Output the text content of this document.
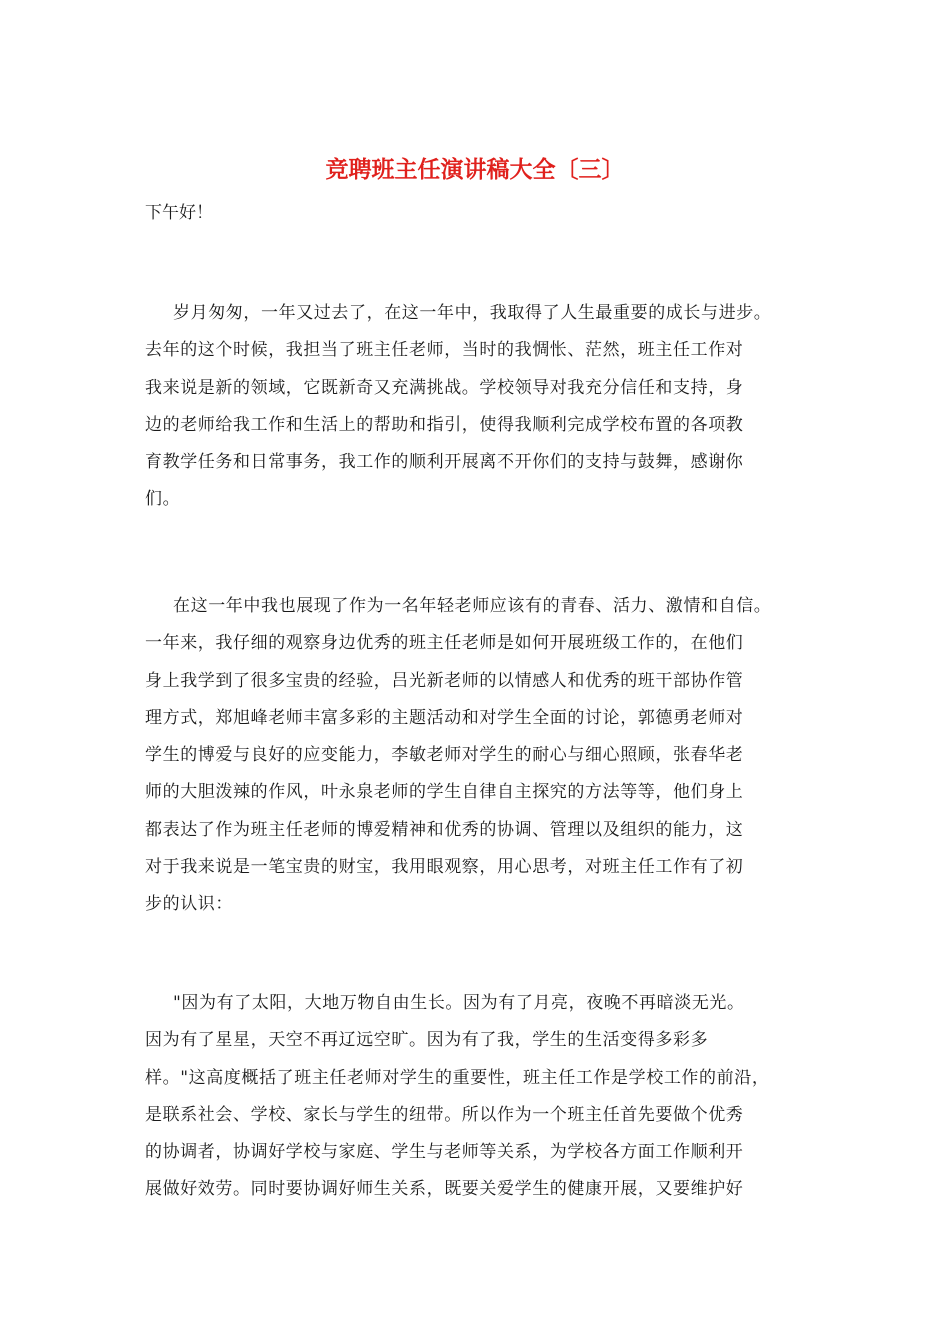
竞聘班主任演讲稿大全〔三〕

下午好！

岁月匆匆，一年又过去了，在这一年中，我取得了人生最重要的成长与进步。
去年的这个时候，我担当了班主任老师，当时的我惆怅、茫然，班主任工作对
我来说是新的领域，它既新奇又充满挑战。学校领导对我充分信任和支持，身
边的老师给我工作和生活上的帮助和指引，使得我顺利完成学校布置的各项教
育教学任务和日常事务，我工作的顺利开展离不开你们的支持与鼓舞，感谢你
们。
在这一年中我也展现了作为一名年轻老师应该有的青春、活力、激情和自信。
一年来，我仔细的观察身边优秀的班主任老师是如何开展班级工作的，在他们
身上我学到了很多宝贵的经验，吕光新老师的以情感人和优秀的班干部协作管
理方式，郑旭峰老师丰富多彩的主题活动和对学生全面的讨论，郭德勇老师对
学生的博爱与良好的应变能力，李敏老师对学生的耐心与细心照顾，张春华老
师的大胆泼辣的作风，叶永泉老师的学生自律自主探究的方法等等，他们身上
都表达了作为班主任老师的博爱精神和优秀的协调、管理以及组织的能力，这
对于我来说是一笔宝贵的财宝，我用眼观察，用心思考，对班主任工作有了初
步的认识：
"因为有了太阳，大地万物自由生长。因为有了月亮，夜晚不再暗淡无光。
因为有了星星，天空不再辽远空旷。因为有了我，学生的生活变得多彩多
样。"这高度概括了班主任老师对学生的重要性，班主任工作是学校工作的前沿，
是联系社会、学校、家长与学生的纽带。所以作为一个班主任首先要做个优秀
的协调者，协调好学校与家庭、学生与老师等关系，为学校各方面工作顺利开
展做好效劳。同时要协调好师生关系，既要关爱学生的健康开展，又要维护好
